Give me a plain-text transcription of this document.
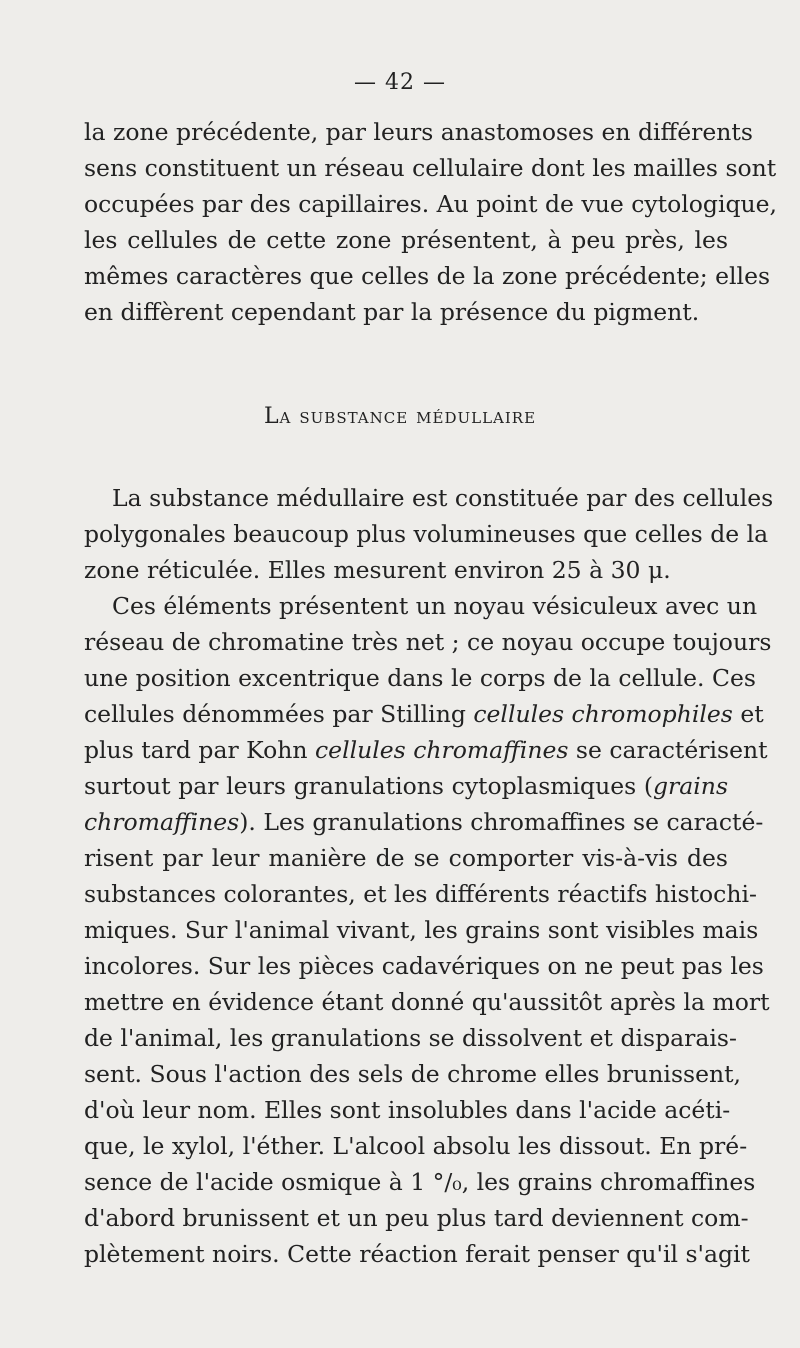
— 42 —
la zone précédente, par leurs anastomoses en différents
sens constituent un réseau cellulaire dont les mailles sont
occupées par des capillaires. Au point de vue cytologique,
les cellules de cette zone présentent, à peu près, les
mêmes caractères que celles de la zone précédente; elles
en diffèrent cependant par la présence du pigment.
La substance médullaire
La substance médullaire est constituée par des cellules
polygonales beaucoup plus volumineuses que celles de la
zone réticulée. Elles mesurent environ 25 à 30 μ.
Ces éléments présentent un noyau vésiculeux avec un
réseau de chromatine très net ; ce noyau occupe toujours
une position excentrique dans le corps de la cellule. Ces
cellules dénommées par Stilling cellules chromophiles et
plus tard par Kohn cellules chromaffines se caractérisent
surtout par leurs granulations cytoplasmiques (grains
chromaffines). Les granulations chromaffines se caracté-
risent par leur manière de se comporter vis-à-vis des
substances colorantes, et les différents réactifs histochi-
miques. Sur l'animal vivant, les grains sont visibles mais
incolores. Sur les pièces cadavériques on ne peut pas les
mettre en évidence étant donné qu'aussitôt après la mort
de l'animal, les granulations se dissolvent et disparais-
sent. Sous l'action des sels de chrome elles brunissent,
d'où leur nom. Elles sont insolubles dans l'acide acéti-
que, le xylol, l'éther. L'alcool absolu les dissout. En pré-
sence de l'acide osmique à 1 °/₀, les grains chromaffines
d'abord brunissent et un peu plus tard deviennent com-
plètement noirs. Cette réaction ferait penser qu'il s'agit
